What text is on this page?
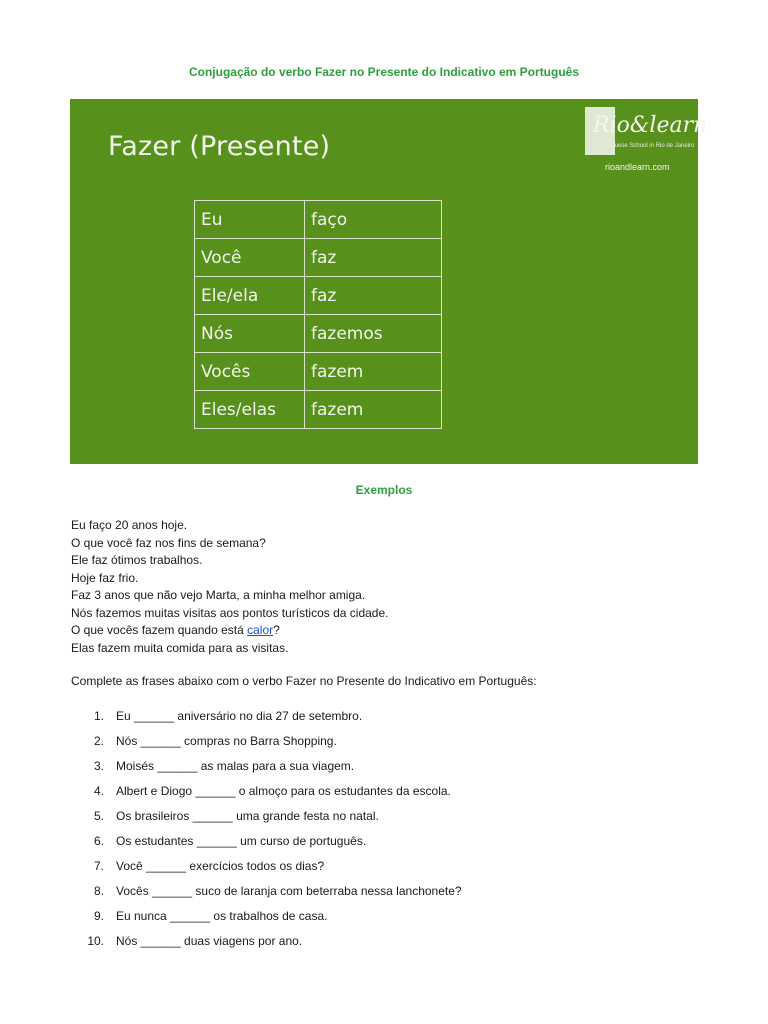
Conjugação do verbo Fazer no Presente do Indicativo em Português
Fazer (Presente)
Rio&learn
Portuguese School in Rio de Janeiro
rioandlearn.com
Eu	faço
Você	faz
Ele/ela	faz
Nós	fazemos
Vocês	fazem
Eles/elas	fazem
Exemplos
Eu faço 20 anos hoje.
O que você faz nos fins de semana?
Ele faz ótimos trabalhos.
Hoje faz frio.
Faz 3 anos que não vejo Marta, a minha melhor amiga.
Nós fazemos muitas visitas aos pontos turísticos da cidade.
O que vocês fazem quando está calor?
Elas fazem muita comida para as visitas.
Complete as frases abaixo com o verbo Fazer no Presente do Indicativo em Português:
1. Eu ______ aniversário no dia 27 de setembro.
2. Nós ______ compras no Barra Shopping.
3. Moisés ______ as malas para a sua viagem.
4. Albert e Diogo ______ o almoço para os estudantes da escola.
5. Os brasileiros ______ uma grande festa no natal.
6. Os estudantes ______ um curso de português.
7. Você ______ exercícios todos os dias?
8. Vocês ______ suco de laranja com beterraba nessa lanchonete?
9. Eu nunca ______ os trabalhos de casa.
10. Nós ______ duas viagens por ano.
